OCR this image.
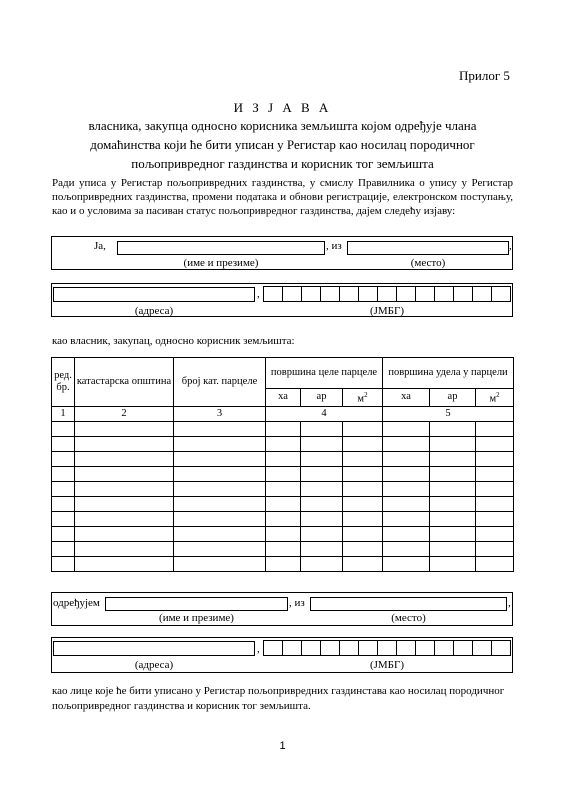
Прилог 5
И З Ј А В А
власника, закупца односно корисника земљишта којом одређује члана домаћинства који ће бити уписан у Регистар као носилац породичног пољопривредног газдинства и корисник тог земљишта
Ради уписа у Регистар пољопривредних газдинства, у смислу Правилника о упису у Регистар пољопривредних газдинства, промени података и обнови регистрације, електронском поступању, као и о условима за пасиван статус пољопривредног газдинства, дајем следећу изјаву:
Ја,	, из	,
(име и презиме)	(место)
,
(адреса)	(ЈМБГ)
као власник, закупац, односно корисник земљишта:
ред. бр.	катастарска општина	број кат. парцеле	површина целе парцеле			површина удела у парцели		
			ха	ар	$м^2$	ха	ар	$м^2$
1	2	3	4			5		

одређујем	, из	,
(име и презиме)	(место)
,
(адреса)	(ЈМБГ)
као лице које ће бити уписано у Регистар пољопривредних газдинстава као носилац породичног пољопривредног газдинства и корисник тог земљишта.
1
